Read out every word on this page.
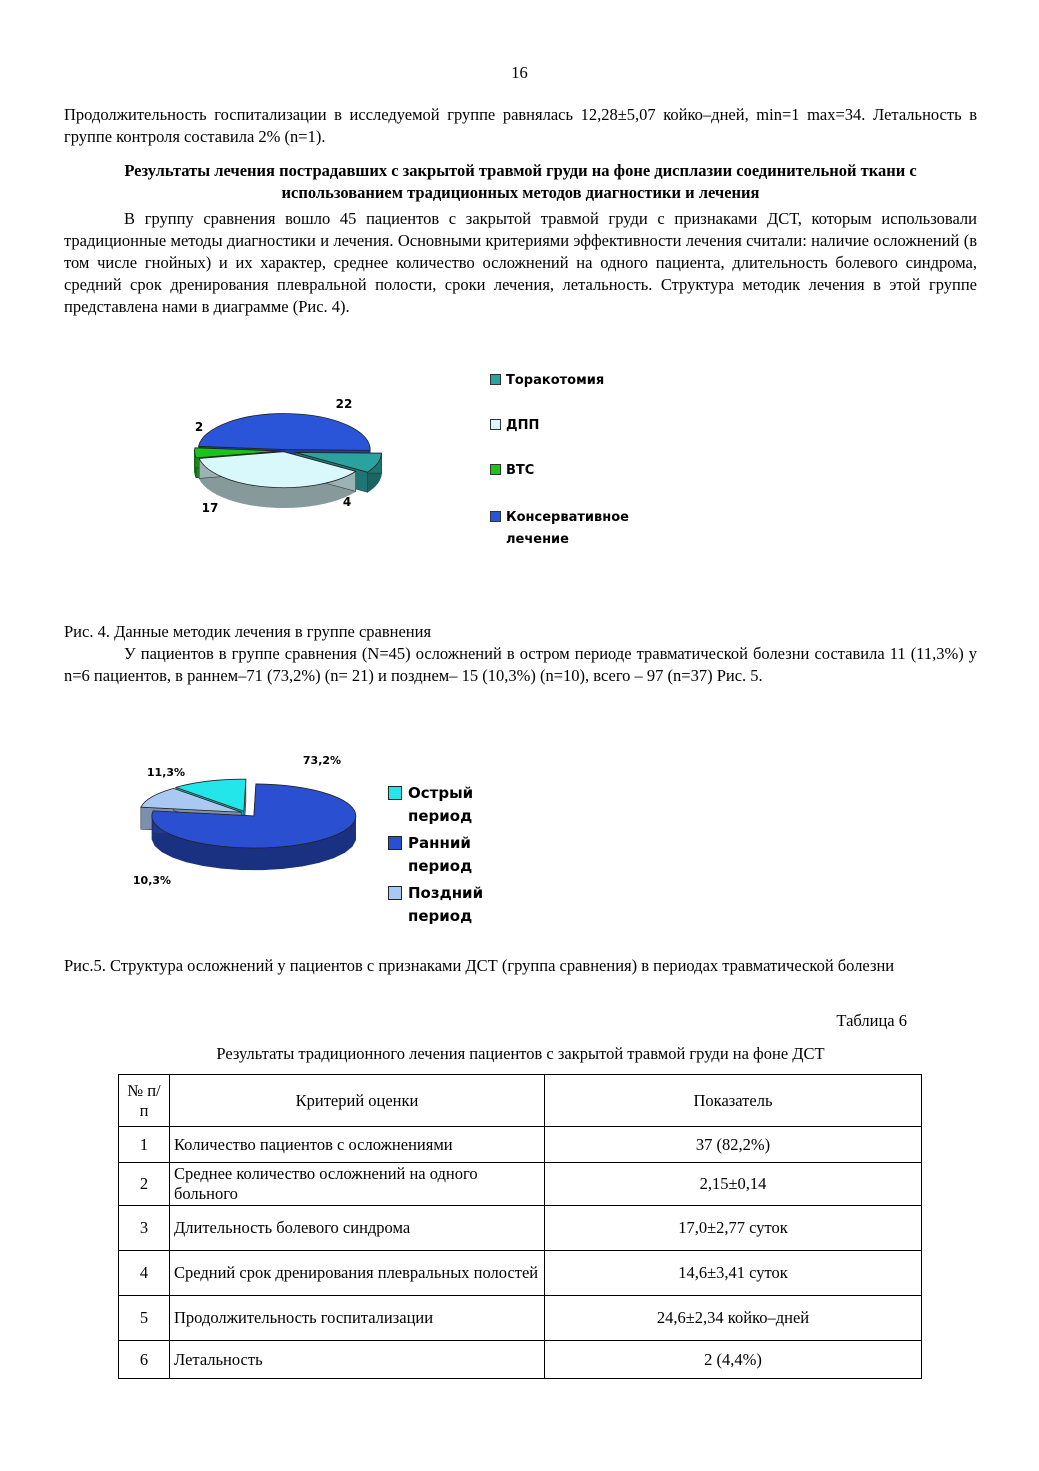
16
Продолжительность госпитализации в исследуемой группе равнялась 12,28±5,07 койко–дней, min=1 max=34. Летальность в группе контроля составила 2% (n=1).
Результаты лечения пострадавших с закрытой травмой груди на фоне дисплазии соединительной ткани с использованием традиционных методов диагностики и лечения
В группу сравнения вошло 45 пациентов с закрытой травмой груди с признаками ДСТ, которым использовали традиционные методы диагностики и лечения. Основными критериями эффективности лечения считали: наличие осложнений (в том числе гнойных) и их характер, среднее количество осложнений на одного пациента, длительность болевого синдрома, средний срок дренирования плевральной полости, сроки лечения, летальность. Структура методик лечения в этой группе представлена нами в диаграмме (Рис. 4).
4
17
2
22
Торакотомия
ДПП
ВТС
Консервативное лечение
Рис. 4. Данные методик лечения в группе сравнения
У пациентов в группе сравнения (N=45) осложнений в остром периоде травматической болезни составила 11 (11,3%) у n=6 пациентов, в раннем–71 (73,2%) (n= 21) и позднем– 15 (10,3%) (n=10), всего – 97 (n=37) Рис. 5.
11,3%
73,2%
10,3%
Острый период
Ранний период
Поздний период
Рис.5. Структура осложнений у пациентов с признаками ДСТ (группа сравнения) в периодах травматической болезни
Таблица 6
Результаты традиционного лечения пациентов с закрытой травмой груди на фоне ДСТ
№ п/п	Критерий оценки	Показатель
1	Количество пациентов с осложнениями	37 (82,2%)
2	Среднее количество осложнений на одного больного	2,15±0,14
3	Длительность болевого синдрома	17,0±2,77 суток
4	Средний срок дренирования плевральных полостей	14,6±3,41 суток
5	Продолжительность госпитализации	24,6±2,34 койко–дней
6	Летальность	2 (4,4%)
